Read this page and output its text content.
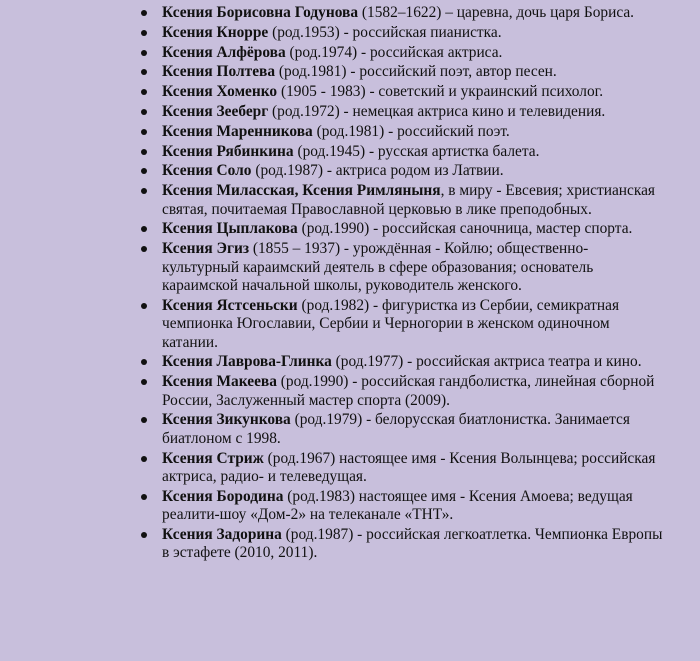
Ксения Борисовна Годунова (1582–1622) – царевна, дочь царя Бориса.
Ксения Кнорре (род.1953) - российская пианистка.
Ксения Алфёрова (род.1974) - российская актриса.
Ксения Полтева (род.1981) - российский поэт, автор песен.
Ксения Хоменко (1905 - 1983) - советский и украинский психолог.
Ксения Зееберг (род.1972) - немецкая актриса кино и телевидения.
Ксения Маренникова (род.1981) - российский поэт.
Ксения Рябинкина (род.1945) - русская артистка балета.
Ксения Соло (род.1987) - актриса родом из Латвии.
Ксения Миласская, Ксения Римляныня, в миру - Евсевия; христианская святая, почитаемая Православной церковью в лике преподобных.
Ксения Цыплакова (род.1990) - российская саночница, мастер спорта.
Ксения Эгиз (1855 – 1937) - урождённая - Койлю; общественно-культурный караимский деятель в сфере образования; основатель караимской начальной школы, руководитель женского.
Ксения Ястсеньски (род.1982) - фигуристка из Сербии, семикратная чемпионка Югославии, Сербии и Черногории в женском одиночном катании.
Ксения Лаврова-Глинка (род.1977) - российская актриса театра и кино.
Ксения Макеева (род.1990) - российская гандболистка, линейная сборной России, Заслуженный мастер спорта (2009).
Ксения Зикункова (род.1979) - белорусская биатлонистка. Занимается биатлоном с 1998.
Ксения Стриж (род.1967) настоящее имя - Ксения Волынцева; российская актриса, радио- и телеведущая.
Ксения Бородина (род.1983) настоящее имя - Ксения Амоева; ведущая реалити-шоу «Дом-2» на телеканале «ТНТ».
Ксения Задорина (род.1987) - российская легкоатлетка. Чемпионка Европы в эстафете (2010, 2011).
